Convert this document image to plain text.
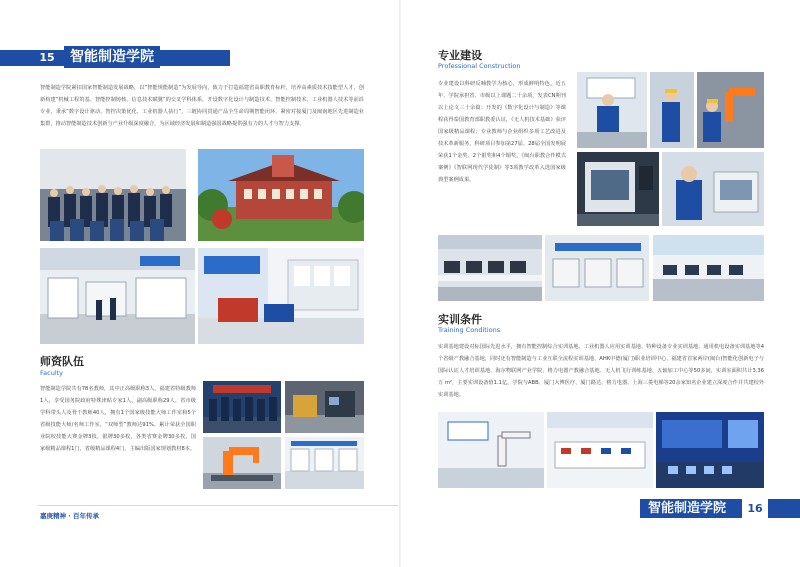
15	智能制造学院
智能制造学院紧扣国家智能制造发展战略，以“智能规能制造”为发展导向，致力于打造福建省高职教育标杆，培养高素质技术技能型人才，创新构建“机械工程筑基、智能控制铸核、信息技术赋翼”的交叉学科体系，开设数字化设计与制造技术、智能控制技术、工业机器人技术等前沿专业，秉承“数字设计驱动、智控决策优化、工业机器人执行”，三链协同贯通产品全生命周期智能闭环，紧密对接厦门及闽南地区先进制造业集群，推动智能制造技术创新与产业升级深度融合，为区域经济发展和制造强国战略提供强有力的人才与智力支撑。
师资队伍
Faculty
智能制造学院共有78名教师，其中正高级职称3人，福建省特级教师1人，享受国务院政府特殊津贴专家1人，副高级职称29人，省市级学科带头人及骨干教师40人，拥有1个国家级技能大师工作室和5个省级技能大师/名师工作室，“双师型”教师达91%。累计荣获全国职业院校技能大赛金牌3枚，银牌30多枚，各类省赛金牌30多枚，国家级精品课程1门，省级精品课程4门，主编出版国家规划教材8本。
嘉庚精神 · 百年传承
专业建设
Professional Construction
专业建设以科研反哺教学为核心，形成鲜明特色。近五年，学院承担省、市级以上课题二十余项，发表CN期刊以上论文三十余篇；开发的《数字化设计与制造》等课程获得泰国教育部职教委认证，《无人机技术基础》获评国家级精品课程；专业教师与企业组织多项工艺改进及技术革新服务，科研项目参加第27届、28届全国发明展荣获1个金奖、2个银奖和4个铜奖。《闽台职教合作模式案例》《智联网现代学徒制》等3项教学改革入选国家级典型案例成果。
实训条件
Training Conditions
实训基地建设对标国际先进水平，拥有智能控制综合实训基地、工业机器人应用实训基地、特种设备专业实训基地、通用机电设备实训基地等4个省级产教融合基地，同时还有智能制造与工业互联全流程实训基地、AHK中德(厦门)职业培训中心、福建省首家两岸(闽台)智能化创新电子与国际认证人才培训基地、海尔物联网产业学院、格力电器产教融合基地、无人机飞行训练基地、五轴加工中心等50多间，实训室面积共计3.36万 m²，主要实训设备值1.1亿，学院与ABB、厦门大博医疗、厦门路达、格力电器、上海三菱电梯等20余家知名企业建立深度合作并共建校外实训基地。
智能制造学院	16
